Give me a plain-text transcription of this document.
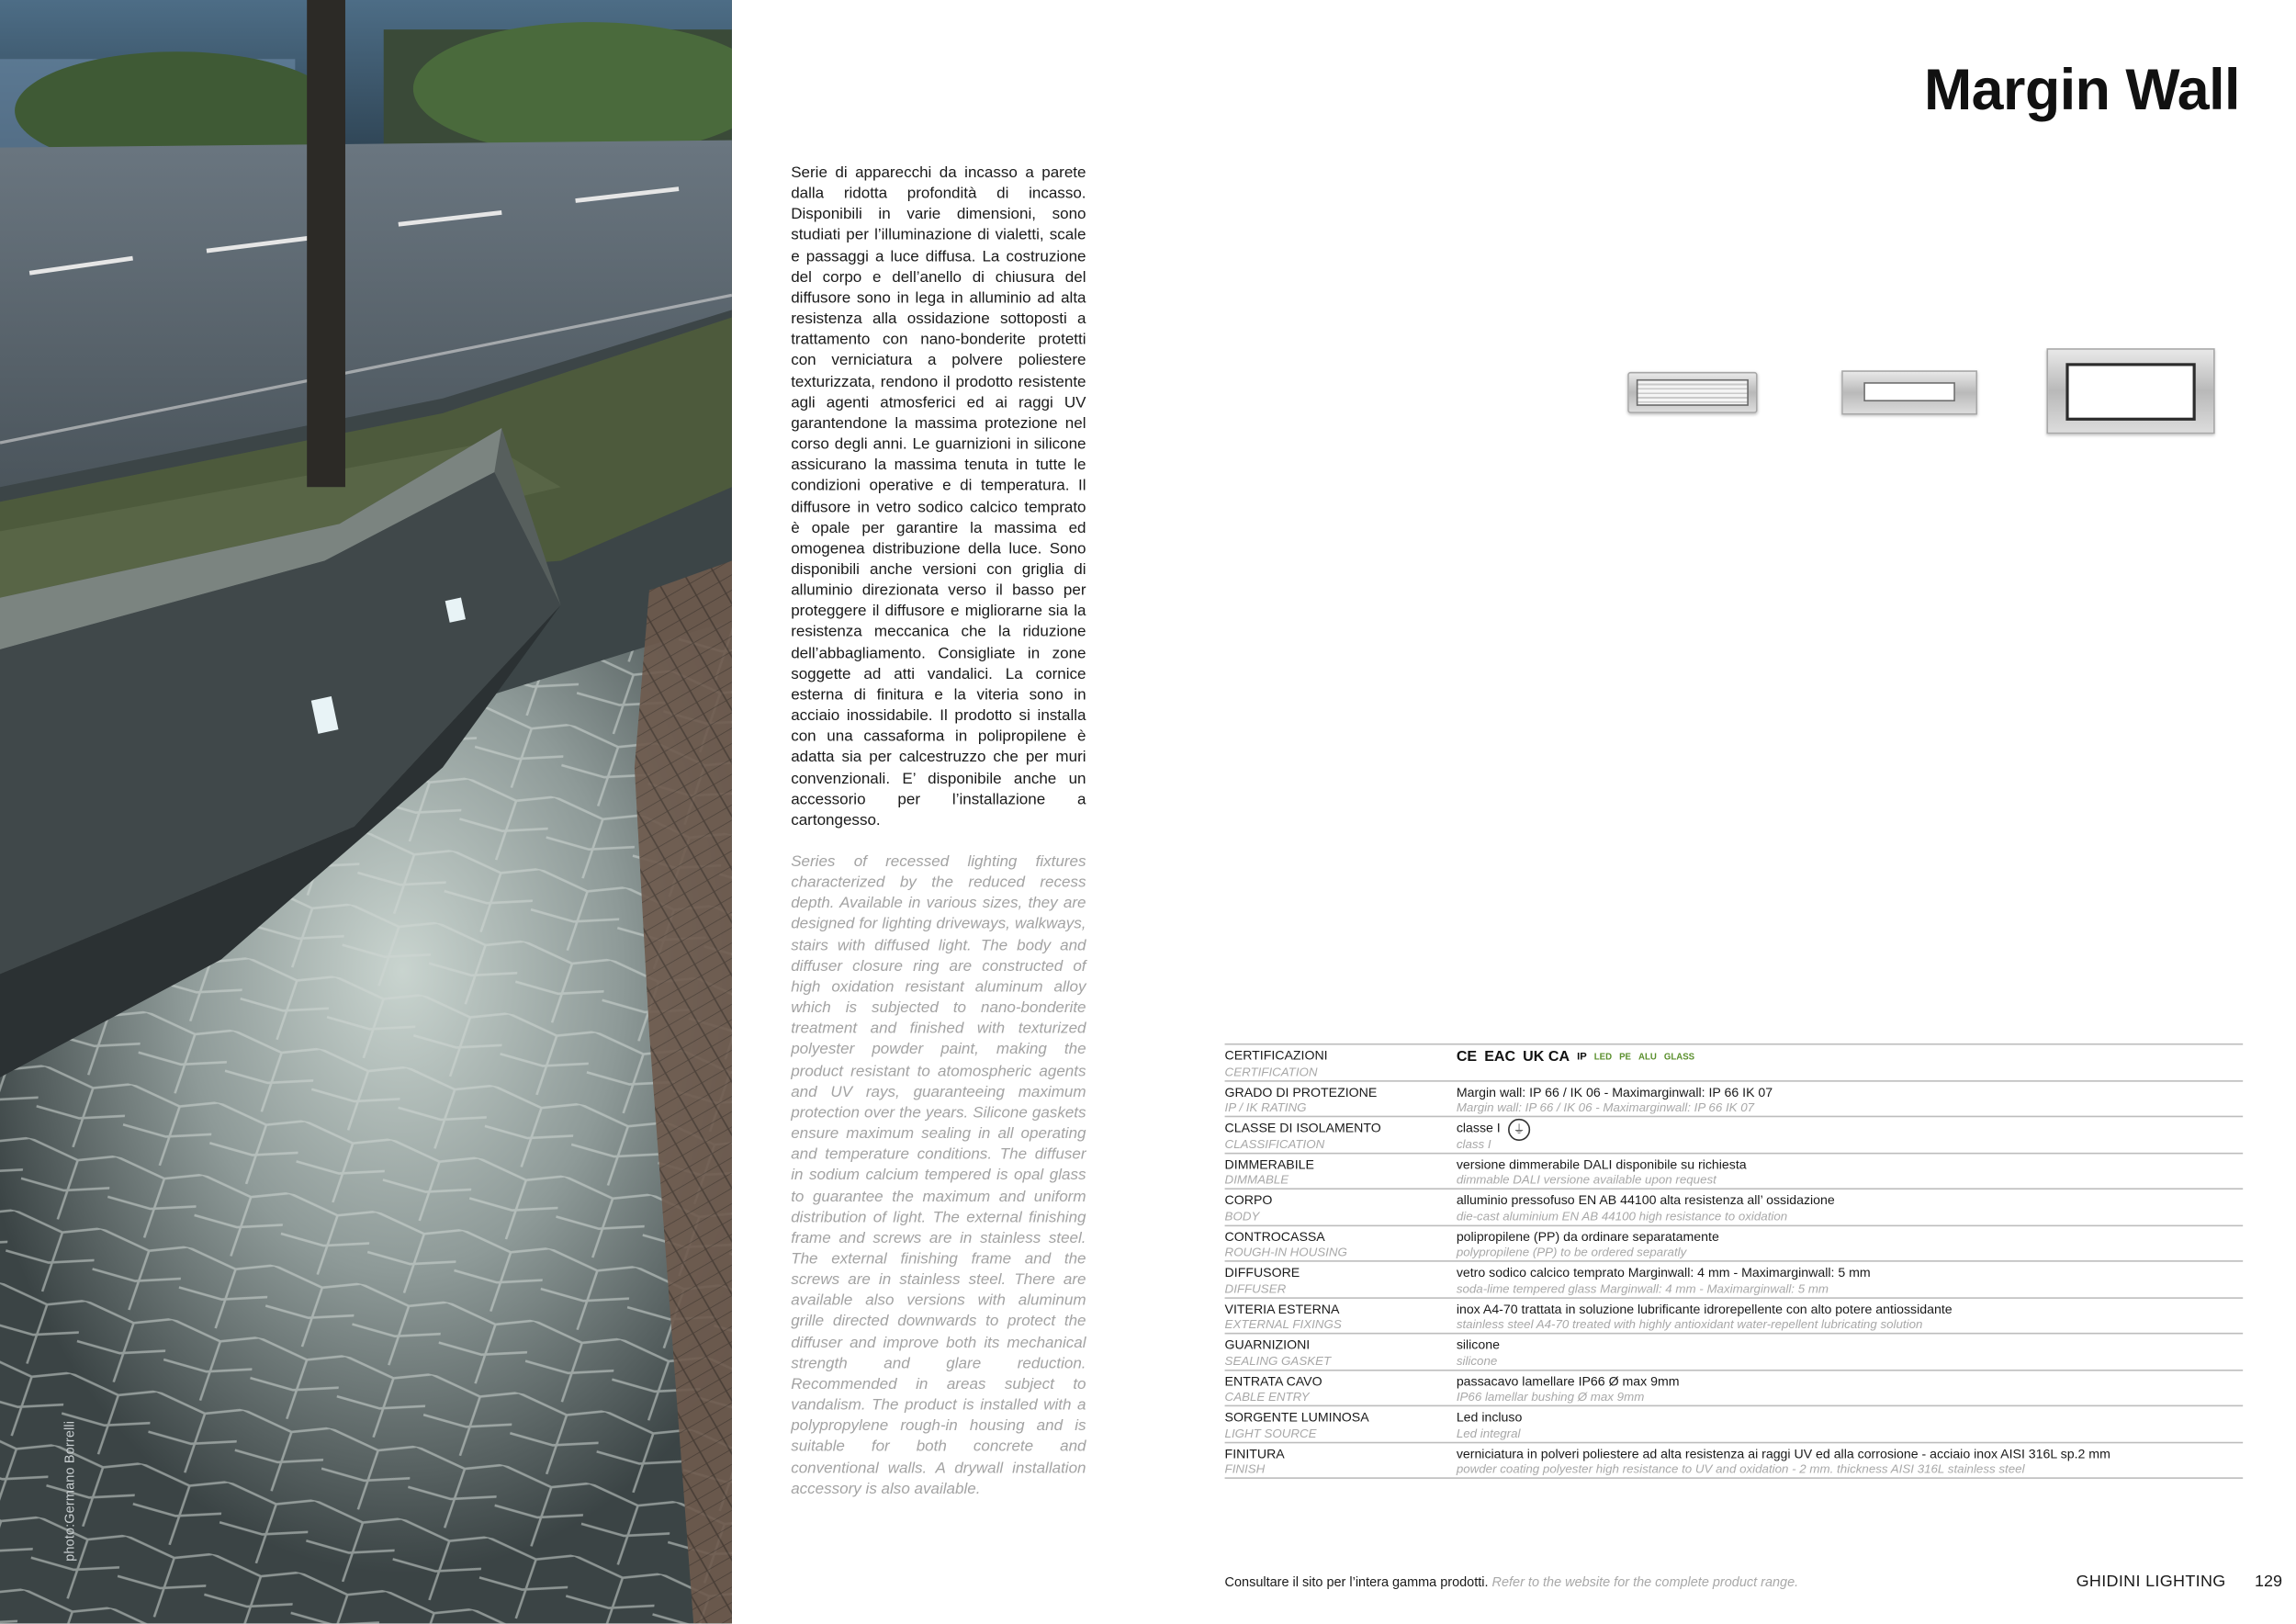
photo:Germano Borrelli

Serie di apparecchi da incasso a parete dalla ridotta profondità di incasso. Disponibili in varie dimensioni, sono studiati per l’illuminazione di vialetti, scale e passaggi a luce diffusa. La costruzione del corpo e dell’anello di chiusura del diffusore sono in lega in alluminio ad alta resistenza alla ossidazione sottoposti a trattamento con nano-bonderite protetti con verniciatura a polvere poliestere texturizzata, rendono il prodotto resistente agli agenti atmosferici ed ai raggi UV garantendone la massima protezione nel corso degli anni. Le guarnizioni in silicone assicurano la massima tenuta in tutte le condizioni operative e di temperatura. Il diffusore in vetro sodico calcico temprato è opale per garantire la massima ed omogenea distribuzione della luce. Sono disponibili anche versioni con griglia di alluminio direzionata verso il basso per proteggere il diffusore e migliorarne sia la resistenza meccanica che la riduzione dell’abbagliamento. Consigliate in zone soggette ad atti vandalici. La cornice esterna di finitura e la viteria sono in acciaio inossidabile. Il prodotto si installa con una cassaforma in polipropilene è adatta sia per calcestruzzo che per muri convenzionali. E’ disponibile anche un accessorio per l’installazione a cartongesso.

Series of recessed lighting fixtures characterized by the reduced recess depth. Available in various sizes, they are designed for lighting driveways, walkways, stairs with diffused light. The body and diffuser closure ring are constructed of high oxidation resistant aluminum alloy which is subjected to nano-bonderite treatment and finished with texturized polyester powder paint, making the product resistant to atomospheric agents and UV rays, guaranteeing maximum protection over the years. Silicone gaskets ensure maximum sealing in all operating and temperature conditions. The diffuser in sodium calcium tempered is opal glass to guarantee the maximum and uniform distribution of light. The external finishing frame and screws are in stainless steel. The external finishing frame and the screws are in stainless steel. There are available also versions with aluminum grille directed downwards to protect the diffuser and improve both its mechanical strength and glare reduction. Recommended in areas subject to vandalism. The product is installed with a polypropylene rough-in housing and is suitable for both concrete and conventional walls. A drywall installation accessory is also available.

Margin Wall
CERTIFICAZIONI
CERTIFICATION
CE EAC UK CA IP LED PE ALU GLASS
GRADO DI PROTEZIONE
IP / IK RATING
Margin wall: IP 66 / IK 06 - Maximarginwall: IP 66 IK 07
Margin wall: IP 66 / IK 06 - Maximarginwall: IP 66 IK 07
CLASSE DI ISOLAMENTO
CLASSIFICATION
classe I
class I
⏚
DIMMERABILE
DIMMABLE
versione dimmerabile DALI disponibile su richiesta
dimmable DALI versione available upon request
CORPO
BODY
alluminio pressofuso EN AB 44100 alta resistenza all’ ossidazione
die-cast aluminium EN AB 44100 high resistance to oxidation
CONTROCASSA
ROUGH-IN HOUSING
polipropilene (PP) da ordinare separatamente
polypropilene (PP) to be ordered separatly
DIFFUSORE
DIFFUSER
vetro sodico calcico temprato Marginwall: 4 mm - Maximarginwall: 5 mm
soda-lime tempered glass Marginwall: 4 mm - Maximarginwall: 5 mm
VITERIA ESTERNA
EXTERNAL FIXINGS
inox A4-70 trattata in soluzione lubrificante idrorepellente con alto potere antiossidante
stainless steel A4-70 treated with highly antioxidant water-repellent lubricating solution
GUARNIZIONI
SEALING GASKET
silicone
silicone
ENTRATA CAVO
CABLE ENTRY
passacavo lamellare IP66 Ø max 9mm
IP66 lamellar bushing Ø max 9mm
SORGENTE LUMINOSA
LIGHT SOURCE
Led incluso
Led integral
FINITURA
FINISH
verniciatura in polveri poliestere ad alta resistenza ai raggi UV ed alla corrosione - acciaio inox AISI 316L sp.2 mm
powder coating polyester high resistance to UV and oxidation - 2 mm. thickness AISI 316L stainless steel
Consultare il sito per l’intera gamma prodotti. Refer to the website for the complete product range.	GHIDINI LIGHTING	129
